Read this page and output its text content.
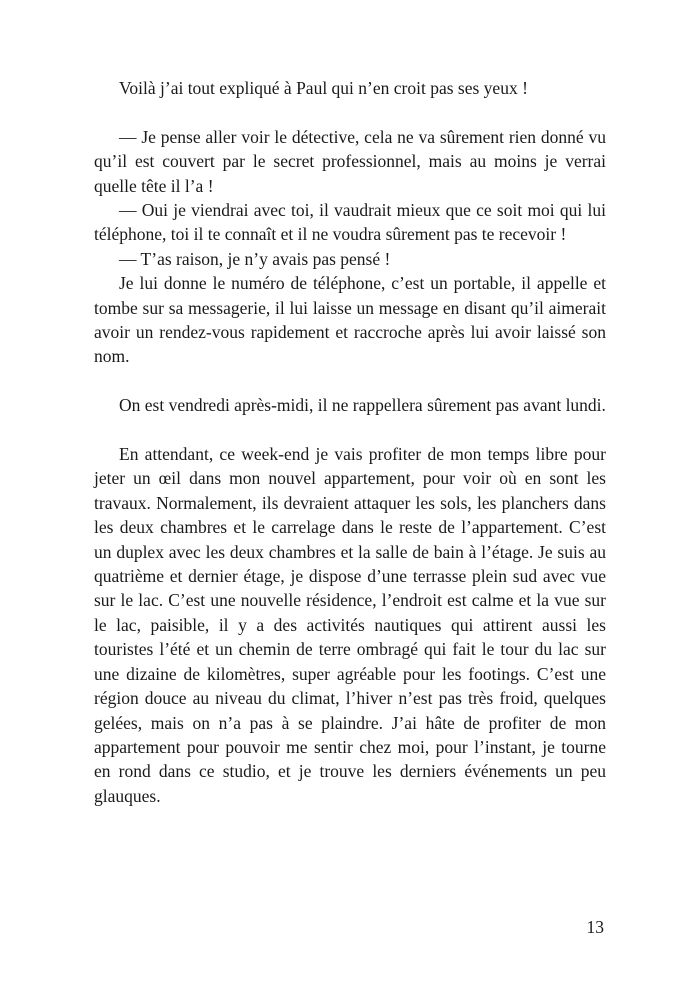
Voilà j’ai tout expliqué à Paul qui n’en croit pas ses yeux !

— Je pense aller voir le détective, cela ne va sûrement rien donné vu qu’il est couvert par le secret professionnel, mais au moins je verrai quelle tête il l’a !

— Oui je viendrai avec toi, il vaudrait mieux que ce soit moi qui lui téléphone, toi il te connaît et il ne voudra sûrement pas te recevoir !

— T’as raison, je n’y avais pas pensé !

Je lui donne le numéro de téléphone, c’est un portable, il appelle et tombe sur sa messagerie, il lui laisse un message en disant qu’il aimerait avoir un rendez-vous rapidement et raccroche après lui avoir laissé son nom.

On est vendredi après-midi, il ne rappellera sûrement pas avant lundi.

En attendant, ce week-end je vais profiter de mon temps libre pour jeter un œil dans mon nouvel appartement, pour voir où en sont les travaux. Normalement, ils devraient attaquer les sols, les planchers dans les deux chambres et le carrelage dans le reste de l’appartement. C’est un duplex avec les deux chambres et la salle de bain à l’étage. Je suis au quatrième et dernier étage, je dispose d’une terrasse plein sud avec vue sur le lac. C’est une nouvelle résidence, l’endroit est calme et la vue sur le lac, paisible, il y a des activités nautiques qui attirent aussi les touristes l’été et un chemin de terre ombragé qui fait le tour du lac sur une dizaine de kilomètres, super agréable pour les footings. C’est une région douce au niveau du climat, l’hiver n’est pas très froid, quelques gelées, mais on n’a pas à se plaindre. J’ai hâte de profiter de mon appartement pour pouvoir me sentir chez moi, pour l’instant, je tourne en rond dans ce studio, et je trouve les derniers événements un peu glauques.

13
